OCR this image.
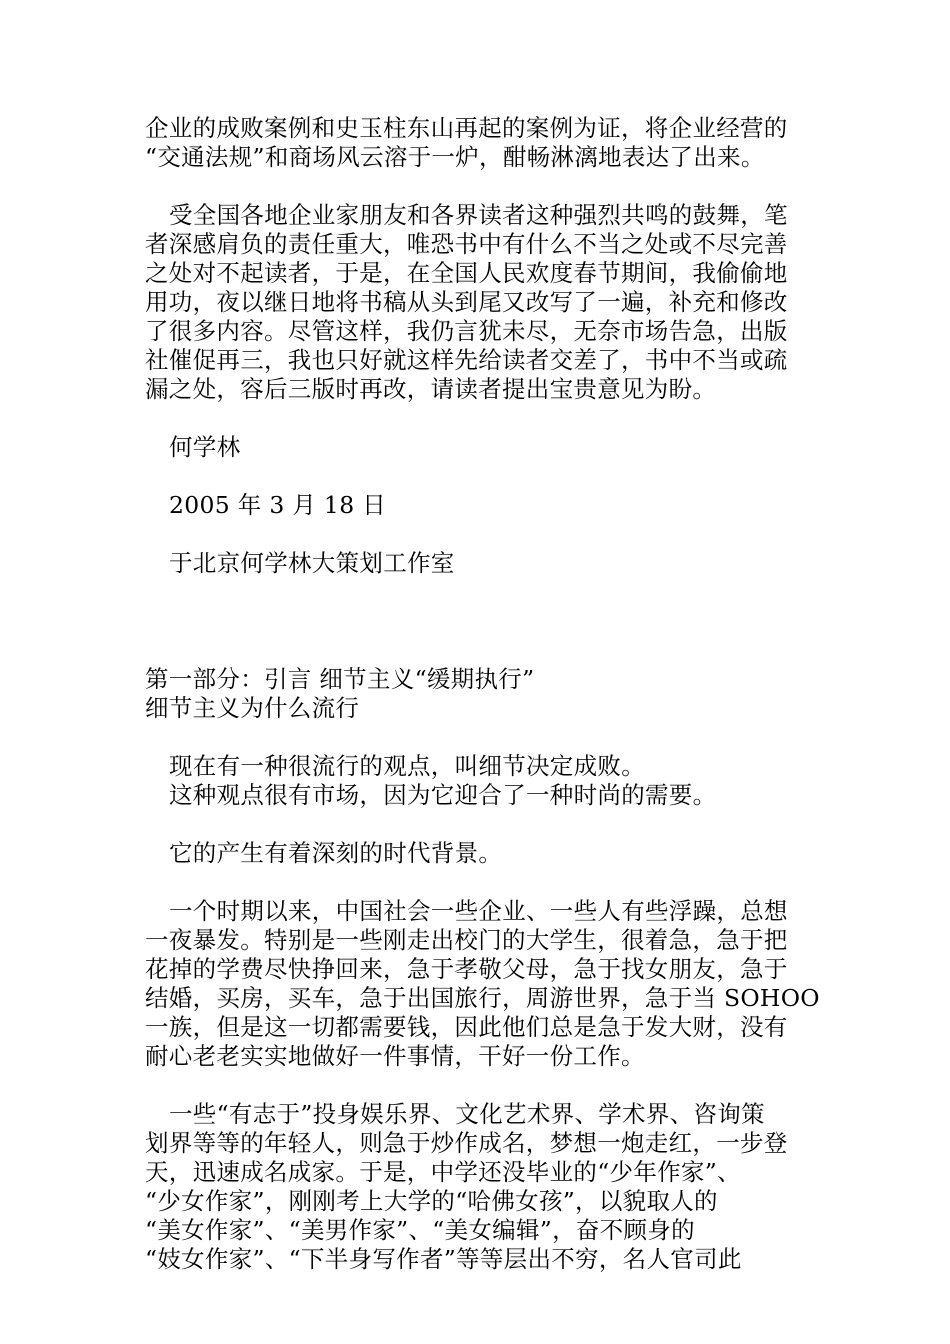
企业的成败案例和史玉柱东山再起的案例为证，将企业经营的
“交通法规”和商场风云溶于一炉，酣畅淋漓地表达了出来。
受全国各地企业家朋友和各界读者这种强烈共鸣的鼓舞，笔
者深感肩负的责任重大，唯恐书中有什么不当之处或不尽完善
之处对不起读者，于是，在全国人民欢度春节期间，我偷偷地
用功，夜以继日地将书稿从头到尾又改写了一遍，补充和修改
了很多内容。尽管这样，我仍言犹未尽，无奈市场告急，出版
社催促再三，我也只好就这样先给读者交差了，书中不当或疏
漏之处，容后三版时再改，请读者提出宝贵意见为盼。
何学林
2005 年 3 月 18 日
于北京何学林大策划工作室
第一部分：引言 细节主义“缓期执行”
细节主义为什么流行
现在有一种很流行的观点，叫细节决定成败。
这种观点很有市场，因为它迎合了一种时尚的需要。
它的产生有着深刻的时代背景。
一个时期以来，中国社会一些企业、一些人有些浮躁，总想
一夜暴发。特别是一些刚走出校门的大学生，很着急，急于把
花掉的学费尽快挣回来，急于孝敬父母，急于找女朋友，急于
结婚，买房，买车，急于出国旅行，周游世界，急于当 SOHOO
一族，但是这一切都需要钱，因此他们总是急于发大财，没有
耐心老老实实地做好一件事情，干好一份工作。
一些“有志于”投身娱乐界、文化艺术界、学术界、咨询策
划界等等的年轻人，则急于炒作成名，梦想一炮走红，一步登
天，迅速成名成家。于是，中学还没毕业的“少年作家”、
“少女作家”，刚刚考上大学的“哈佛女孩”，以貌取人的
“美女作家”、“美男作家”、“美女编辑”，奋不顾身的
“妓女作家”、“下半身写作者”等等层出不穷，名人官司此
